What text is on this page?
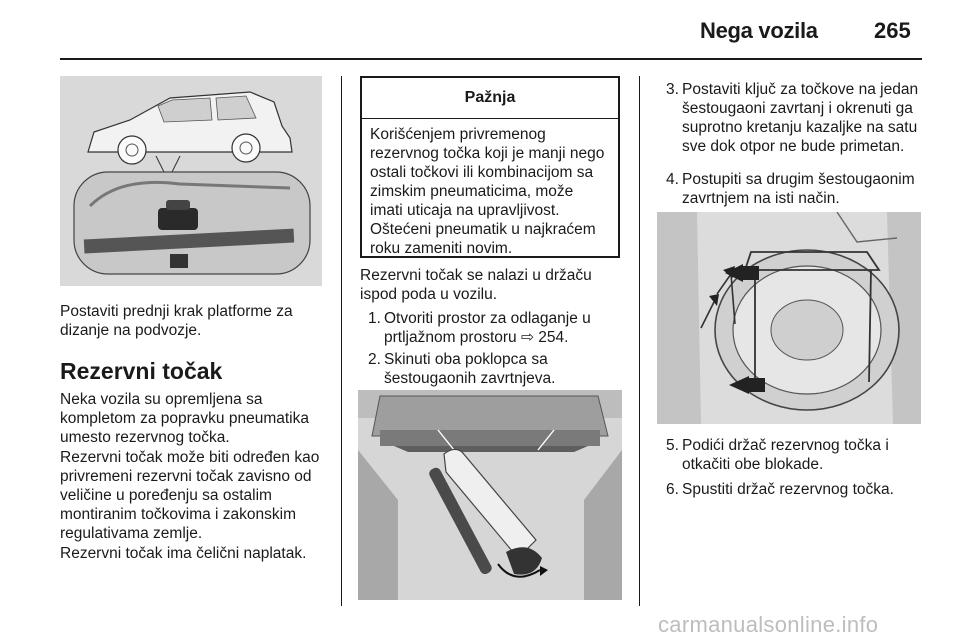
Nega vozila	265

Postaviti prednji krak platforme za dizanje na podvozje.

Rezervni točak

Neka vozila su opremljena sa kompletom za popravku pneumatika umesto rezervnog točka.

Rezervni točak može biti određen kao privremeni rezervni točak zavisno od veličine u poređenju sa ostalim montiranim točkovima i zakonskim regulativama zemlje.

Rezervni točak ima čelični naplatak.

Pažnja
Korišćenjem privremenog rezervnog točka koji je manji nego ostali točkovi ili kombinacijom sa zimskim pneumaticima, može imati uticaja na upravljivost. Oštećeni pneumatik u najkraćem roku zameniti novim.

Rezervni točak se nalazi u držaču ispod poda u vozilu.

1. Otvoriti prostor za odlaganje u prtljažnom prostoru ⇨ 254.
2. Skinuti oba poklopca sa šestougaonih zavrtnjeva.
3. Postaviti ključ za točkove na jedan šestougaoni zavrtanj i okrenuti ga suprotno kretanju kazaljke na satu sve dok otpor ne bude primetan.
4. Postupiti sa drugim šestougaonim zavrtnjem na isti način.
5. Podići držač rezervnog točka i otkačiti obe blokade.
6. Spustiti držač rezervnog točka.
carmanualsonline.info
